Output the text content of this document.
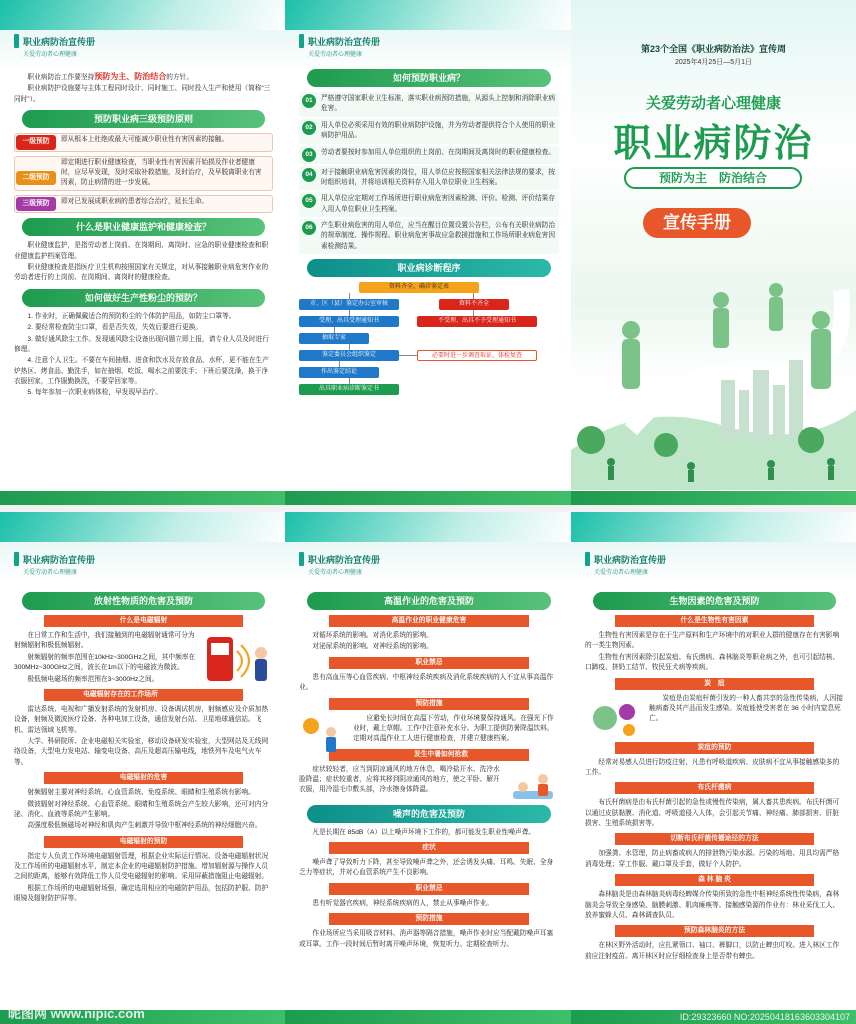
职业病防治宣传册
关爱劳动者心理健康

职业病防治工作要坚持预防为主、防治结合的方针。

职业病防护设施要与主体工程同时设计、同时施工、同时投入生产和使用（简称“三同时”）。

预防职业病三级预防原则
一级预防	即从根本上杜绝或最大可能减少职业性有害因素的接触。
二级预防
即定期进行职业健康检查，当职业性有害因素开始损及作业者健康时，应尽早发现，及时采取补救措施，及时治疗，及早脱离职业有害因素，防止病情的进一步发展。
三级预防	即对已发展成职业病的患者综合治疗，延长生命。
什么是职业健康监护和健康检查？

职业健康监护，是指劳动者上岗前、在岗期间、离岗时、应急的职业健康检查和职业健康监护档案管理。

职业健康检查是指医疗卫生机构按照国家有关规定，对从事接触职业病危害作业的劳动者进行的上岗前、在岗期间、离岗时的健康检查。

如何做好生产性粉尘的预防？

1. 作业时，正确佩戴适合的预防粉尘的个体防护用品，如防尘口罩等。

2. 要经常检查防尘口罩，看是否失效，失效后要进行更换。

3. 做好通风除尘工作。发现通风除尘设备出现问题立即上报，请专业人员及时进行修理。

4. 注意个人卫生。不要在车间抽烟、进食和饮水及存放食品、水杯，更不能在生产炉热区、烤食品、勤洗手，如在抽烟、吃饭、喝水之前要洗手；下班后要洗澡，换干净衣服回家，工作服勤换洗，不要穿回家等。

5. 每年参加一次职业病体检，早发现早治疗。

职业病防治宣传册
关爱劳动者心理健康
如何预防职业病？
01	严格遵守国家职业卫生标准，落实职业病预防措施，从源头上控制和消除职业病危害。
02	用人单位必须采用有效的职业病防护设施，并为劳动者提供符合个人使用的职业病防护用品。
03	劳动者要按时参加用人单位组织的上岗前、在岗期间及离岗时的职业健康检查。
04	对于接触职业病危害因素的岗位，用人单位应按照国家相关法律法规的要求，按时组织培训，并将培训相关资料存入用人单位职业卫生档案。
05	用人单位应定期对工作场所进行职业病危害因素检测、评价。检测、评价结果存入用人单位职业卫生档案。
06	产生职业病危害的用人单位，应当在醒目位置设置公告栏，公布有关职业病防治的规章制度、操作规程、职业病危害事故应急救援措施和工作场所职业病危害因素检测结果。
职业病诊断程序
资料齐全、确诊鉴定表
市、区（县）鉴定办公室审核
受理、出具受理通知书
抽取专家
鉴定委员会组织鉴定
作出鉴定结论
出具职业病诊断鉴定书
资料不齐全
不受理、出具不予受理通知书
必要时进一步调查取证、体检复查
第23个全国《职业病防治法》宣传周
2025年4月25日—5月1日
关爱劳动者心理健康
职业病防治
预防为主　防治结合
宣传手册
职业病防治宣传册
关爱劳动者心理健康
放射性物质的危害及预防
什么是电磁辐射

在日常工作和生活中，我们接触到的电磁辐射通常可分为射频辐射和极低频辐射。

射频辐射的频率范围在10kHz~300GHz之间，其中频率在300MHz~300GHz之间，波长在1m以下的电磁波为微波。

极低频电磁场的频率范围在3~3000Hz之间。

电磁辐射存在的工作场所

雷达系统、电视和广播发射系统的发射机房、设备调试机房，射频感应及介质加热设备，射频及微波医疗设备、各种电加工设备，通信发射台站、卫星地球通信站。飞机、雷达领域飞机等。

大学、科研院所、企业电磁相关实验室，移动设备研发实验室，大型网站及无线网络设备，大型电力发电站、输变电设备、高压及超高压输电线，地铁列车及电气火车等。

电磁辐射的危害

射频辐射主要对神经系统、心血管系统、免疫系统、眼睛和生殖系统有影响。

微波辐射对神经系统、心血管系统、眼睛和生殖系统会产生较大影响，还可对内分泌、消化、血液等系统产生影响。

高强度极低频磁场对神经和肌肉产生刺激并导致中枢神经系统的神经细胞兴奋。

电磁辐射的预防

指定专人负责工作环境电磁辐射管理，根据企业实际运行情况、设备电磁辐射状况及工作场所的电磁辐射水平，制定本企业的电磁辐射防护措施。增加辐射源与操作人员之间的距离，能够有效降低工作人员受电磁辐射的影响。采用屏蔽措施阻止电磁辐射。

根据工作场所的电磁辐射场强，确定选用相应的电磁防护用品，包括防护服、防护眼镜及辐射防护屏等。

职业病防治宣传册
关爱劳动者心理健康
高温作业的危害及预防
高温作业的职业健康危害

对循环系统的影响。对消化系统的影响。

对泌尿系统的影响。对神经系统的影响。

职业禁忌

患有高血压等心血管疾病、中枢神经系统疾病及消化系统疾病的人不宜从事高温作业。

预防措施

应避免长时间在高温下劳动，作业环境要保持通风。在强光下作业时，戴上草帽。工作中注意补充水分。为职工提供防暑降温饮料。定期对高温作业工人进行健康检查，并建立健康档案。

发生中暑如何抢救

症状较轻者，应当到阴凉通风的地方休息，喝冷盐开水、洗冷水脸降温；症状较重者，应将其移到阴凉通风的地方，使之平卧、解开衣服，用冷湿毛巾敷头部，冷水擦身体降温。

噪声的危害及预防

凡是长期在 85dB（A）以上噪声环境下工作的，都可能发生职业性噪声聋。

症状

噪声聋了导致听力下降，甚至导致噪声聋之外，还会诱发头痛、耳鸣、失眠、全身乏力等症状，并对心血管系统产生不良影响。

职业禁忌

患有听觉器官疾病，神经系统疾病的人，禁止从事噪声作业。

预防措施

作业场所应当采用吸音材料、消声器等隔音措施，噪声作业时应当配戴防噪声耳塞或耳罩。工作一段时间后暂时离开噪声环境，恢复听力。定期检查听力。

职业病防治宣传册
关爱劳动者心理健康
生物因素的危害及预防
什么是生物性有害因素

生物性有害因素是存在于生产原料和生产环境中的对职业人群的健康存在有害影响的一类生物因素。

生物性有害因素除引起炭疽、布氏菌病、森林脑炎等职业病之外，也可引起结核、口蹄疫、挤奶工结节、牧民狂犬病等疾病。

炭　疽

炭疽是由炭疽杆菌引发的一种人畜共享的急性传染病，人因接触病畜及其产品而发生感染。炭疽能使受害者在 36 小时内窒息死亡。

炭疽的预防

经常对易感人员进行防疫注射，凡患有呼吸道疾病、皮肤病不宜从事接触感染多的工作。

布氏杆菌病

布氏杆菌病是由布氏杆菌引起的急性或慢性传染病，属人畜共患疾病。布氏杆菌可以通过皮肤黏膜、消化道、呼吸道侵入人体，会引起关节痛、神经痛、肺部损害、肝脏损害、生殖系统损害等。

切断布氏杆菌传播途径的方法

加强粪、水管理，防止病畜或病人的排泄物污染水源。污染的场地、用具均需严格消毒处理；穿工作服、戴口罩及手套，做好个人防护。

森 林 脑 炎

森林脑炎是由森林脑炎病毒经蜱媒介传染所致的急性中枢神经系统性传染病，森林脑炎会导致全身感染、脑膜刺激、肌肉瘫痪等。接触感染源的作业有：林业采伐工人、放养蜜蜂人员、森林调查队员、

预防森林脑炎的方法

在林区野外活动时，应扎紧领口、袖口、裤脚口，以防止蜱虫叮咬。进入林区工作前应注射疫苗。离开林区时应仔细检查身上是否带有蜱虫。

昵图网 www.nipic.com	ID:29323660 NO:20250418163603304107
